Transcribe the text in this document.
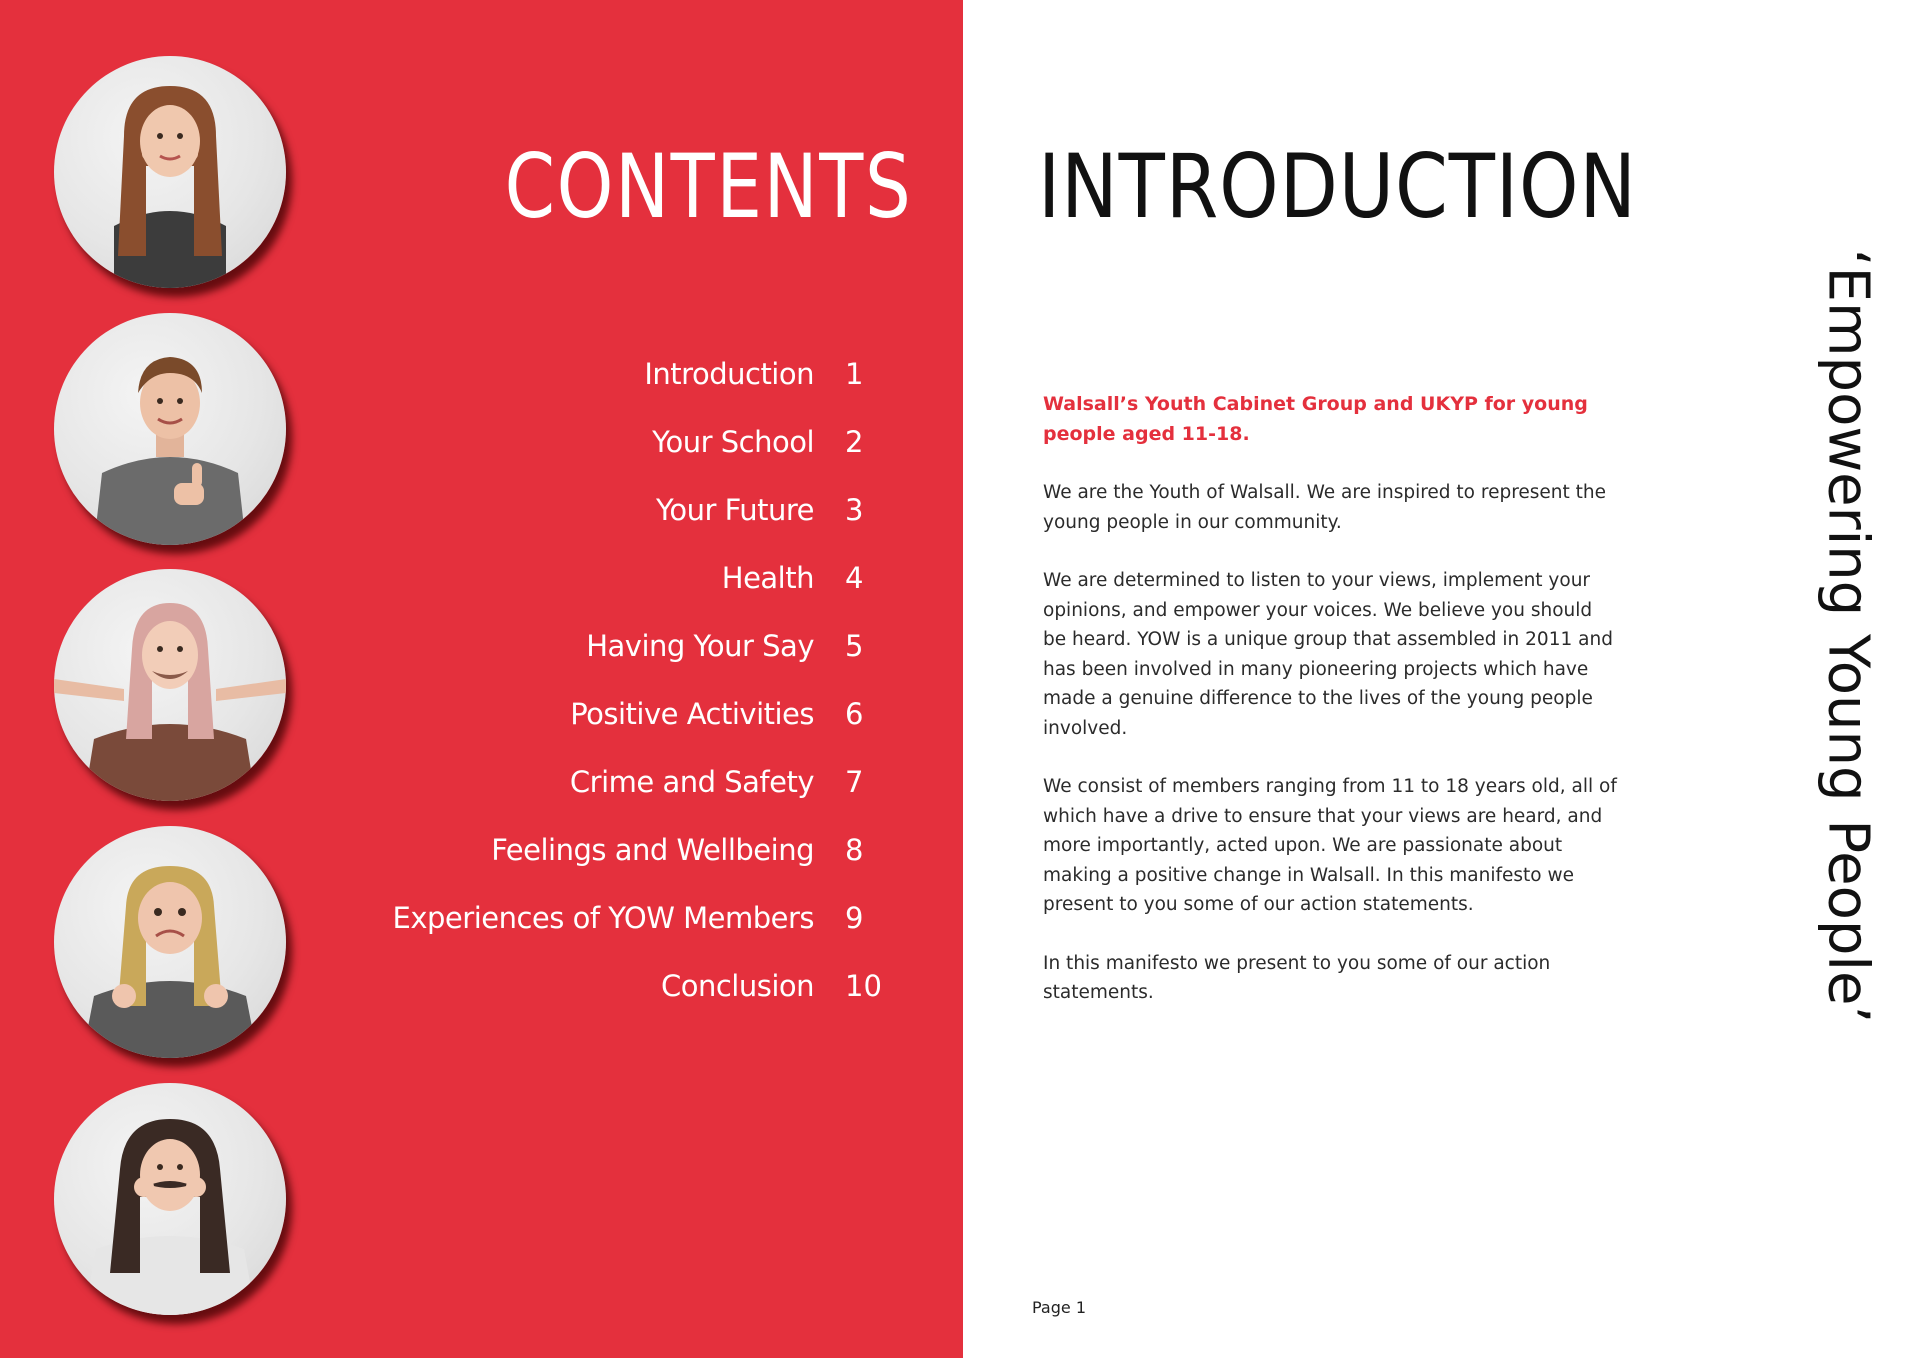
CONTENTS
Introduction 1
Your School 2
Your Future 3
Health 4
Having Your Say 5
Positive Activities 6
Crime and Safety 7
Feelings and Wellbeing 8
Experiences of YOW Members 9
Conclusion 10
INTRODUCTION

Walsall’s Youth Cabinet Group and UKYP for young people aged 11-18.

We are the Youth of Walsall. We are inspired to represent the young people in our community.

We are determined to listen to your views, implement your opinions, and empower your voices. We believe you should be heard. YOW is a unique group that assembled in 2011 and has been involved in many pioneering projects which have made a genuine difference to the lives of the young people involved.

We consist of members ranging from 11 to 18 years old, all of which have a drive to ensure that your views are heard, and more importantly, acted upon. We are passionate about making a positive change in Walsall. In this manifesto we present to you some of our action statements.

In this manifesto we present to you some of our action statements.

Page 1
‘Empowering Young People’
